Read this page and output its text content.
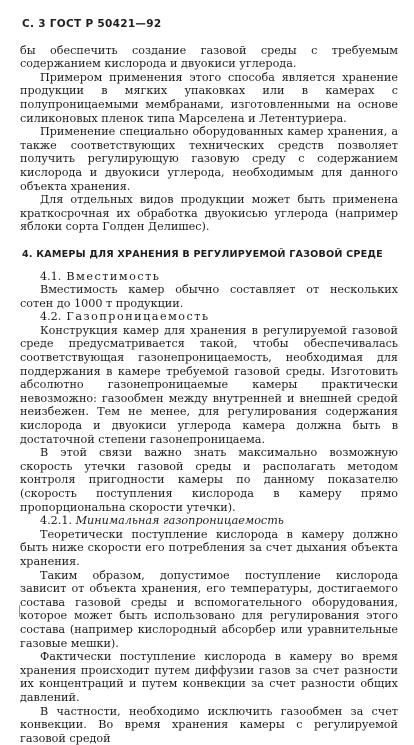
С. 3 ГОСТ Р 50421—92

бы обеспечить создание газовой среды с требуемым содержанием кислорода и двуокиси углерода.

Примером применения этого способа является хранение продукции в мягких упаковках или в камерах с полупроницаемыми мембранами, изготовленными на основе силиконовых пленок типа Марселена и Летентуриера.

Применение специально оборудованных камер хранения, а также соответствующих технических средств позволяет получить регулирующую газовую среду с содержанием кислорода и двуокиси углерода, необходимым для данного объекта хранения.

Для отдельных видов продукции может быть применена краткосрочная их обработка двуокисью углерода (например яблоки сорта Голден Делишес).

4. КАМЕРЫ ДЛЯ ХРАНЕНИЯ В РЕГУЛИРУЕМОЙ ГАЗОВОЙ СРЕДЕ

4.1. Вместимость

Вместимость камер обычно составляет от нескольких сотен до 1000 т продукции.

4.2. Газопроницаемость

Конструкция камер для хранения в регулируемой газовой среде предусматривается такой, чтобы обеспечивалась соответствующая газонепроницаемость, необходимая для поддержания в камере требуемой газовой среды. Изготовить абсолютно газонепроницаемые камеры практически невозможно: газообмен между внутренней и внешней средой неизбежен. Тем не менее, для регулирования содержания кислорода и двуокиси углерода камера должна быть в достаточной степени газонепроницаема.

В этой связи важно знать максимально возможную скорость утечки газовой среды и располагать методом контроля пригодности камеры по данному показателю (скорость поступления кислорода в камеру прямо пропорциональна скорости утечки).

4.2.1. Минимальная газопроницаемость

Теоретически поступление кислорода в камеру должно быть ниже скорости его потребления за счет дыхания объекта хранения.

Таким образом, допустимое поступление кислорода зависит от объекта хранения, его температуры, достигаемого состава газовой среды и вспомогательного оборудования, которое может быть использовано для регулирования этого состава (например кислородный абсорбер или уравнительные газовые мешки).

Фактически поступление кислорода в камеру во время хранения происходит путем диффузии газов за счет разности их концентраций и путем конвекции за счет разности общих давлений.

В частности, необходимо исключить газообмен за счет конвекции. Во время хранения камеры с регулируемой газовой средой
